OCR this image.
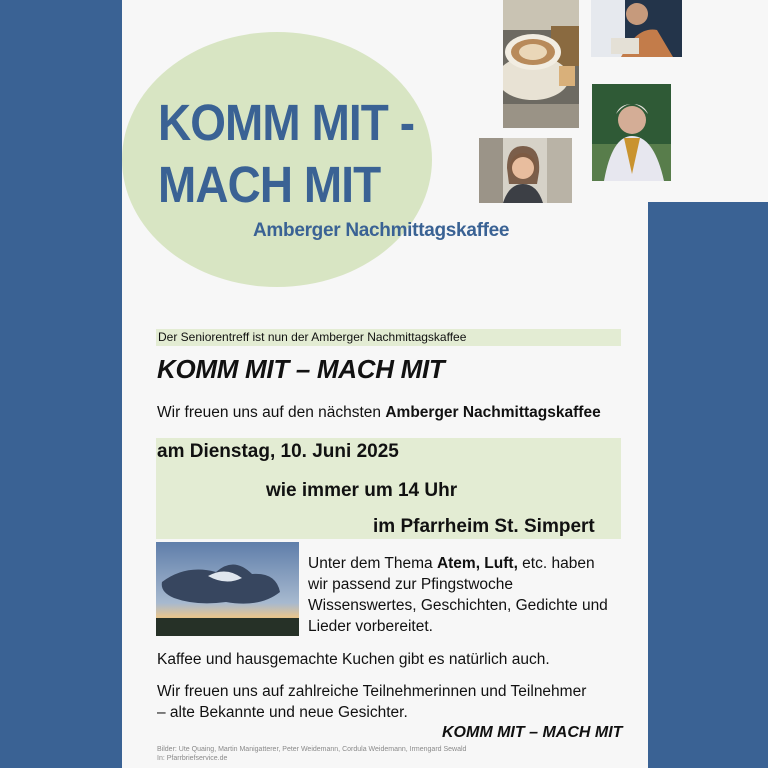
KOMM MIT -
MACH MIT
Amberger Nachmittagskaffee
Der Seniorentreff ist nun der Amberger Nachmittagskaffee
KOMM MIT – MACH MIT
Wir freuen uns auf den nächsten Amberger Nachmittagskaffee
am Dienstag, 10. Juni 2025
wie immer um 14 Uhr
im Pfarrheim St. Simpert

Unter dem Thema Atem, Luft, etc. haben wir passend zur Pfingstwoche Wissenswertes, Geschichten, Gedichte und Lieder vorbereitet.

Kaffee und hausgemachte Kuchen gibt es natürlich auch.

Wir freuen uns auf zahlreiche Teilnehmerinnen und Teilnehmer
– alte Bekannte und neue Gesichter.

KOMM MIT – MACH MIT

Bilder: Ute Quaing, Martin Manigatterer, Peter Weidemann, Cordula Weidemann, Irmengard Sewald
In: Pfarrbriefservice.de
